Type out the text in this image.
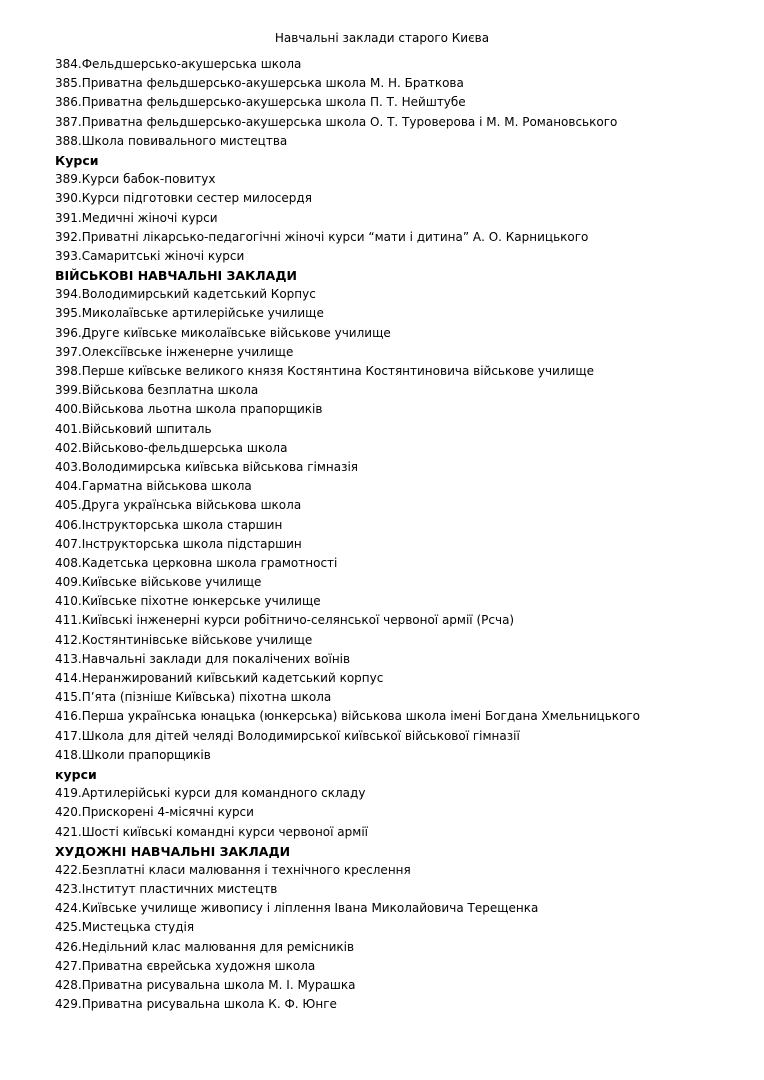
Навчальні заклади старого Києва
384.Фельдшерсько-акушерська школа
385.Приватна фельдшерсько-акушерська школа М. Н. Браткова
386.Приватна фельдшерсько-акушерська школа П. Т. Нейштубе
387.Приватна фельдшерсько-акушерська школа О. Т. Туроверова і М. М. Романовського
388.Школа повивального мистецтва
Курси
389.Курси бабок-повитух
390.Курси підготовки сестер милосердя
391.Медичні жіночі курси
392.Приватні лікарсько-педагогічні жіночі курси “мати і дитина” А. О. Карницького
393.Самаритські жіночі курси
ВІЙСЬКОВІ НАВЧАЛЬНІ ЗАКЛАДИ
394.Володимирський кадетський Корпус
395.Миколаївське артилерійське училище
396.Друге київське миколаївське військове училище
397.Олексіївське інженерне училище
398.Перше київське великого князя Костянтина Костянтиновича військове училище
399.Військова безплатна школа
400.Військова льотна школа прапорщиків
401.Військовий шпиталь
402.Військово-фельдшерська школа
403.Володимирська київська військова гімназія
404.Гарматна військова школа
405.Друга українська військова школа
406.Інструкторська школа старшин
407.Інструкторська школа підстаршин
408.Кадетська церковна школа грамотності
409.Київське військове училище
410.Київське піхотне юнкерське училище
411.Київські інженерні курси робітничо-селянської червоної армії (Рсча)
412.Костянтинівське військове училище
413.Навчальні заклади для покалічених воїнів
414.Неранжирований київський кадетський корпус
415.П’ята (пізніше Київська) піхотна школа
416.Перша українська юнацька (юнкерська) військова школа імені Богдана Хмельницького
417.Школа для дітей челяді Володимирської київської військової гімназії
418.Школи прапорщиків
курси
419.Артилерійські курси для командного складу
420.Прискорені 4-місячні курси
421.Шості київські командні курси червоної армії
ХУДОЖНІ НАВЧАЛЬНІ ЗАКЛАДИ
422.Безплатні класи малювання і технічного креслення
423.Інститут пластичних мистецтв
424.Київське училище живопису і ліплення Івана Миколайовича Терещенка
425.Мистецька студія
426.Недільний клас малювання для ремісників
427.Приватна єврейська художня школа
428.Приватна рисувальна школа М. І. Мурашка
429.Приватна рисувальна школа К. Ф. Юнге
